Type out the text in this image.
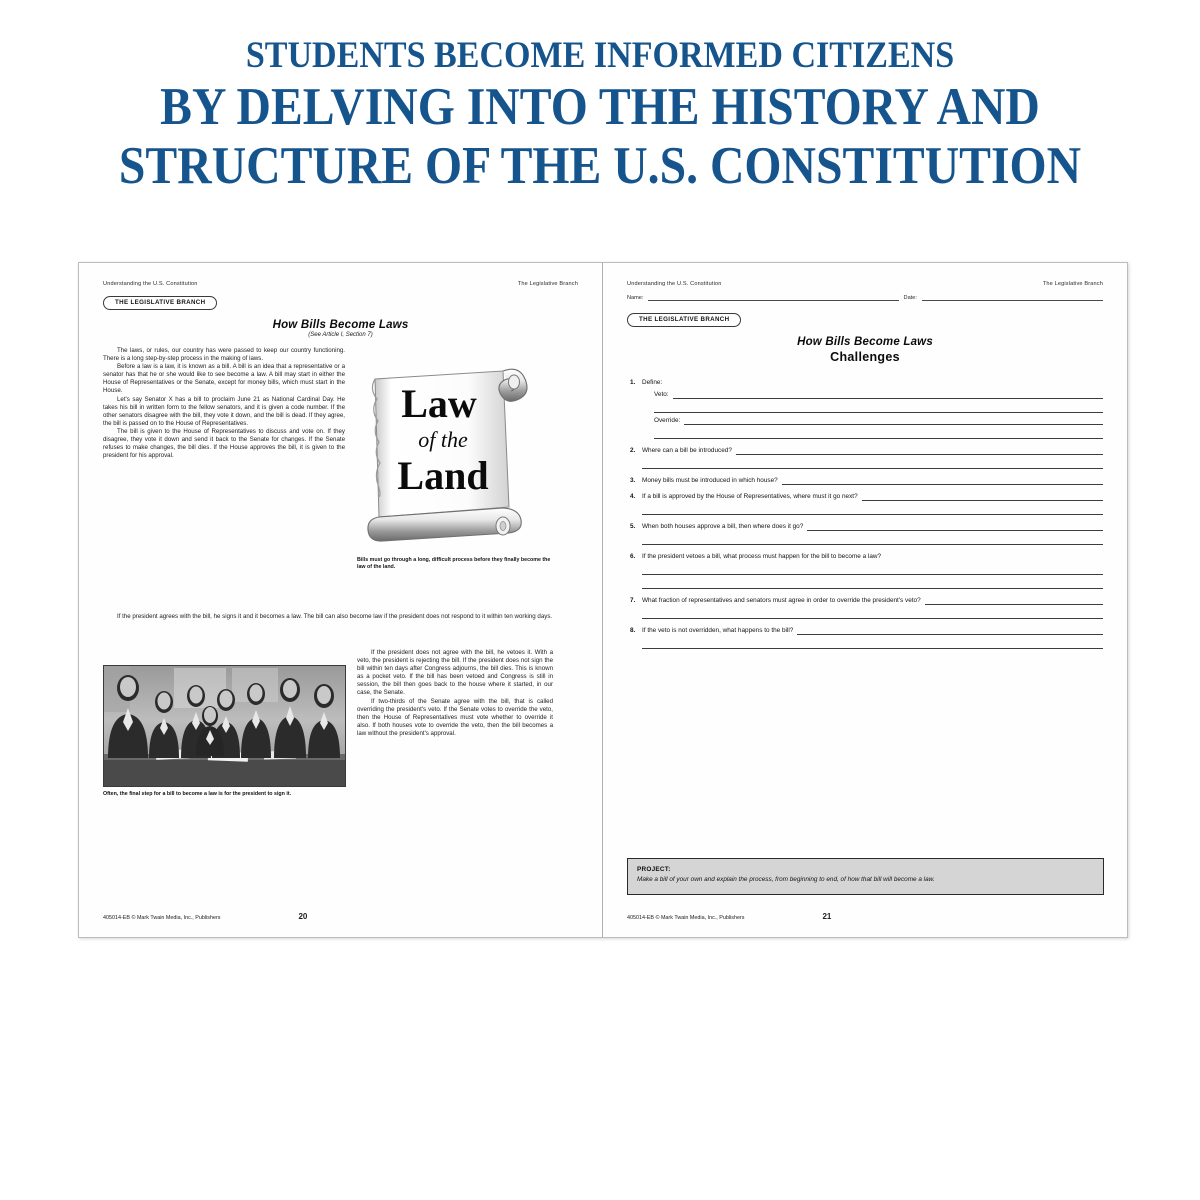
STUDENTS BECOME INFORMED CITIZENS
BY DELVING INTO THE HISTORY AND
STRUCTURE OF THE U.S. CONSTITUTION
Understanding the U.S. Constitution	The Legislative Branch
THE LEGISLATIVE BRANCH
How Bills Become Laws
(See Article I, Section 7)

The laws, or rules, our country has were passed to keep our country functioning. There is a long step-by-step process in the making of laws.

Before a law is a law, it is known as a bill. A bill is an idea that a representative or a senator has that he or she would like to see become a law. A bill may start in either the House of Representatives or the Senate, except for money bills, which must start in the House.

Let's say Senator X has a bill to proclaim June 21 as National Cardinal Day. He takes his bill in written form to the fellow senators, and it is given a code number. If the other senators disagree with the bill, they vote it down, and the bill is dead. If they agree, the bill is passed on to the House of Representatives.

The bill is given to the House of Representatives to discuss and vote on. If they disagree, they vote it down and send it back to the Senate for changes. If the Senate refuses to make changes, the bill dies. If the House approves the bill, it is given to the president for his approval.

Law
of the
Land
Bills must go through a long, difficult process before they finally become the law of the land.

If the president does not agree with the bill, he vetoes it. With a veto, the president is rejecting the bill. If the president does not sign the bill within ten days after Congress adjourns, the bill dies. This is known as a pocket veto. If the bill has been vetoed and Congress is still in session, the bill then goes back to the house where it started, in our case, the Senate.

If two-thirds of the Senate agree with the bill, that is called overriding the president's veto. If the Senate votes to override the veto, then the House of Representatives must vote whether to override it also. If both houses vote to override the veto, then the bill becomes a law without the president's approval.

If the president agrees with the bill, he signs it and it becomes a law. The bill can also become law if the president does not respond to it within ten working days.

Often, the final step for a bill to become a law is for the president to sign it.
405014-EB © Mark Twain Media, Inc., Publishers	20
Understanding the U.S. Constitution	The Legislative Branch
Name:	Date:
THE LEGISLATIVE BRANCH
How Bills Become Laws
Challenges
1.	Define:
Veto:
Override:
2.	Where can a bill be introduced?
3.	Money bills must be introduced in which house?
4.	If a bill is approved by the House of Representatives, where must it go next?
5.	When both houses approve a bill, then where does it go?
6.	If the president vetoes a bill, what process must happen for the bill to become a law?
7.	What fraction of representatives and senators must agree in order to override the president's veto?
8.	If the veto is not overridden, what happens to the bill?
PROJECT:
Make a bill of your own and explain the process, from beginning to end, of how that bill will become a law.
405014-EB © Mark Twain Media, Inc., Publishers	21
